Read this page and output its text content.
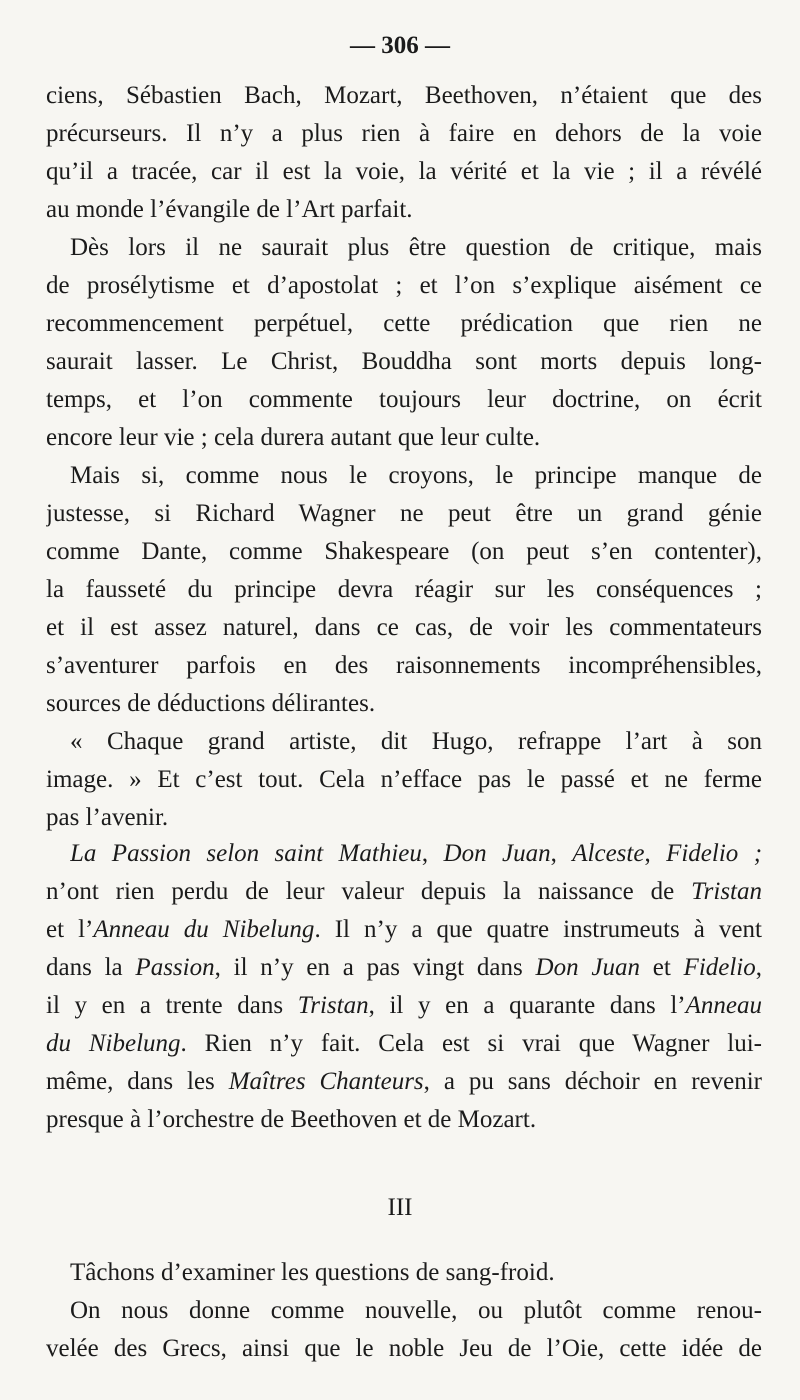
— 306 —
ciens, Sébastien Bach, Mozart, Beethoven, n’étaient que des
précurseurs. Il n’y a plus rien à faire en dehors de la voie
qu’il a tracée, car il est la voie, la vérité et la vie ; il a révélé
au monde l’évangile de l’Art parfait.
Dès lors il ne saurait plus être question de critique, mais
de prosélytisme et d’apostolat ; et l’on s’explique aisément ce
recommencement perpétuel, cette prédication que rien ne
saurait lasser. Le Christ, Bouddha sont morts depuis long-
temps, et l’on commente toujours leur doctrine, on écrit
encore leur vie ; cela durera autant que leur culte.
Mais si, comme nous le croyons, le principe manque de
justesse, si Richard Wagner ne peut être un grand génie
comme Dante, comme Shakespeare (on peut s’en contenter),
la fausseté du principe devra réagir sur les conséquences ;
et il est assez naturel, dans ce cas, de voir les commentateurs
s’aventurer parfois en des raisonnements incompréhensibles,
sources de déductions délirantes.
« Chaque grand artiste, dit Hugo, refrappe l’art à son
image. » Et c’est tout. Cela n’efface pas le passé et ne ferme
pas l’avenir.
La Passion selon saint Mathieu, Don Juan, Alceste, Fidelio ;
n’ont rien perdu de leur valeur depuis la naissance de Tristan
et l’Anneau du Nibelung. Il n’y a que quatre instrumeuts à vent
dans la Passion, il n’y en a pas vingt dans Don Juan et Fidelio,
il y en a trente dans Tristan, il y en a quarante dans l’Anneau
du Nibelung. Rien n’y fait. Cela est si vrai que Wagner lui-
même, dans les Maîtres Chanteurs, a pu sans déchoir en revenir
presque à l’orchestre de Beethoven et de Mozart.
III
Tâchons d’examiner les questions de sang-froid.
On nous donne comme nouvelle, ou plutôt comme renou-
velée des Grecs, ainsi que le noble Jeu de l’Oie, cette idée de
